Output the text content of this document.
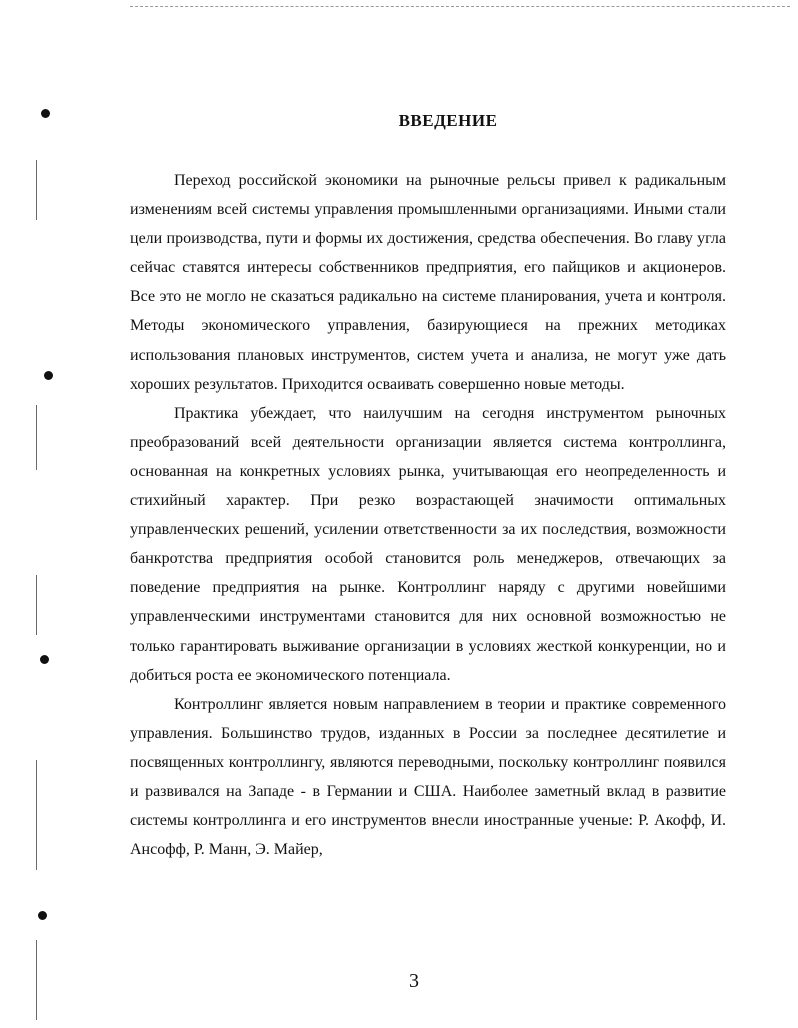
ВВЕДЕНИЕ

Переход российской экономики на рыночные рельсы привел к радикальным изменениям всей системы управления промышленными организациями. Иными стали цели производства, пути и формы их достижения, средства обеспечения. Во главу угла сейчас ставятся интересы собственников предприятия, его пайщиков и акционеров. Все это не могло не сказаться радикально на системе планирования, учета и контроля. Методы экономического управления, базирующиеся на прежних методиках использования плановых инструментов, систем учета и анализа, не могут уже дать хороших результатов. Приходится осваивать совершенно новые методы.

Практика убеждает, что наилучшим на сегодня инструментом рыночных преобразований всей деятельности организации является система контроллинга, основанная на конкретных условиях рынка, учитывающая его неопределенность и стихийный характер. При резко возрастающей значимости оптимальных управленческих решений, усилении ответственности за их последствия, возможности банкротства предприятия особой становится роль менеджеров, отвечающих за поведение предприятия на рынке. Контроллинг наряду с другими новейшими управленческими инструментами становится для них основной возможностью не только гарантировать выживание организации в условиях жесткой конкуренции, но и добиться роста ее экономического потенциала.

Контроллинг является новым направлением в теории и практике современного управления. Большинство трудов, изданных в России за последнее десятилетие и посвященных контроллингу, являются переводными, поскольку контроллинг появился и развивался на Западе - в Германии и США. Наиболее заметный вклад в развитие системы контроллинга и его инструментов внесли иностранные ученые: Р. Акофф, И. Ансофф, Р. Манн, Э. Майер,

3
